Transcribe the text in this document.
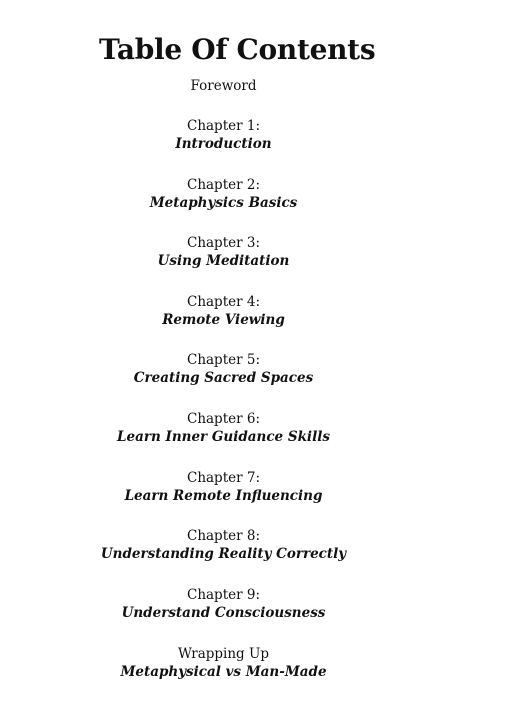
Table Of Contents
Foreword
Chapter 1:
Introduction
Chapter 2:
Metaphysics Basics
Chapter 3:
Using Meditation
Chapter 4:
Remote Viewing
Chapter 5:
Creating Sacred Spaces
Chapter 6:
Learn Inner Guidance Skills
Chapter 7:
Learn Remote Influencing
Chapter 8:
Understanding Reality Correctly
Chapter 9:
Understand Consciousness
Wrapping Up
Metaphysical vs Man-Made
